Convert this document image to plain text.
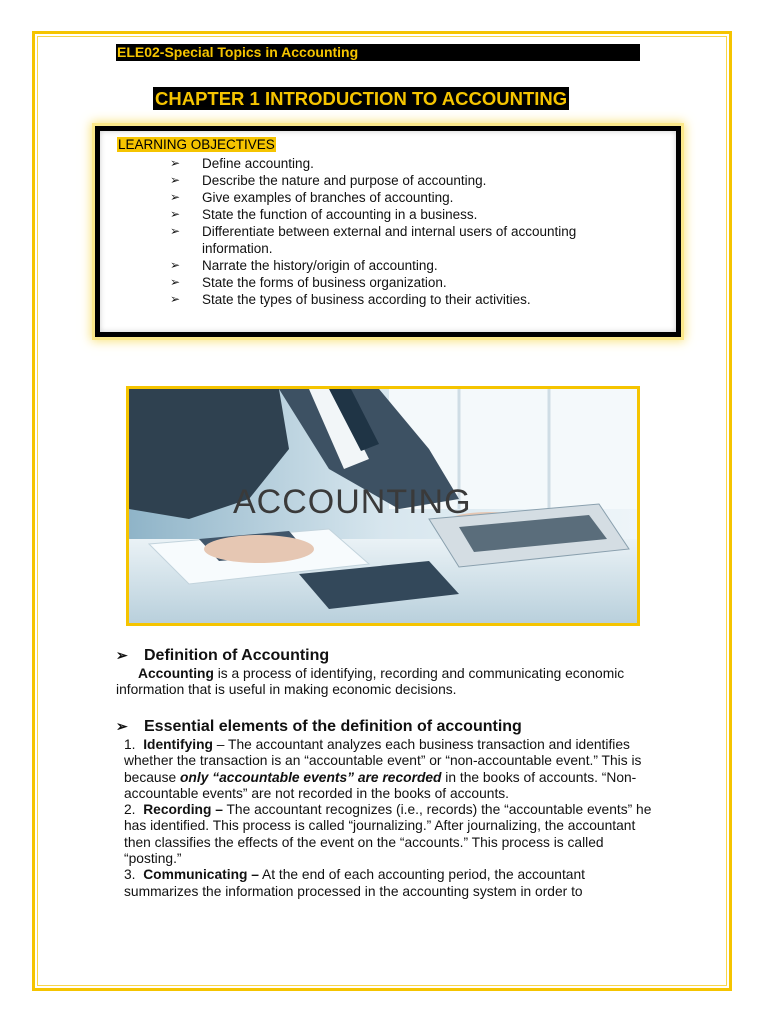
ELE02-Special Topics in Accounting
CHAPTER 1 INTRODUCTION TO ACCOUNTING
LEARNING OBJECTIVES
➢ Define accounting.
➢ Describe the nature and purpose of accounting.
➢ Give examples of branches of accounting.
➢ State the function of accounting in a business.
➢ Differentiate between external and internal users of accounting information.
➢ Narrate the history/origin of accounting.
➢ State the forms of business organization.
➢ State the types of business according to their activities.
ACCOUNTING
➢ Definition of Accounting

Accounting is a process of identifying, recording and communicating economic information that is useful in making economic decisions.

➢ Essential elements of the definition of accounting

1. Identifying – The accountant analyzes each business transaction and identifies whether the transaction is an “accountable event” or “non-accountable event.” This is because only “accountable events” are recorded in the books of accounts. “Non-accountable events” are not recorded in the books of accounts.

2. Recording – The accountant recognizes (i.e., records) the “accountable events” he has identified. This process is called “journalizing.” After journalizing, the accountant then classifies the effects of the event on the “accounts.” This process is called “posting.”

3. Communicating – At the end of each accounting period, the accountant summarizes the information processed in the accounting system in order to
